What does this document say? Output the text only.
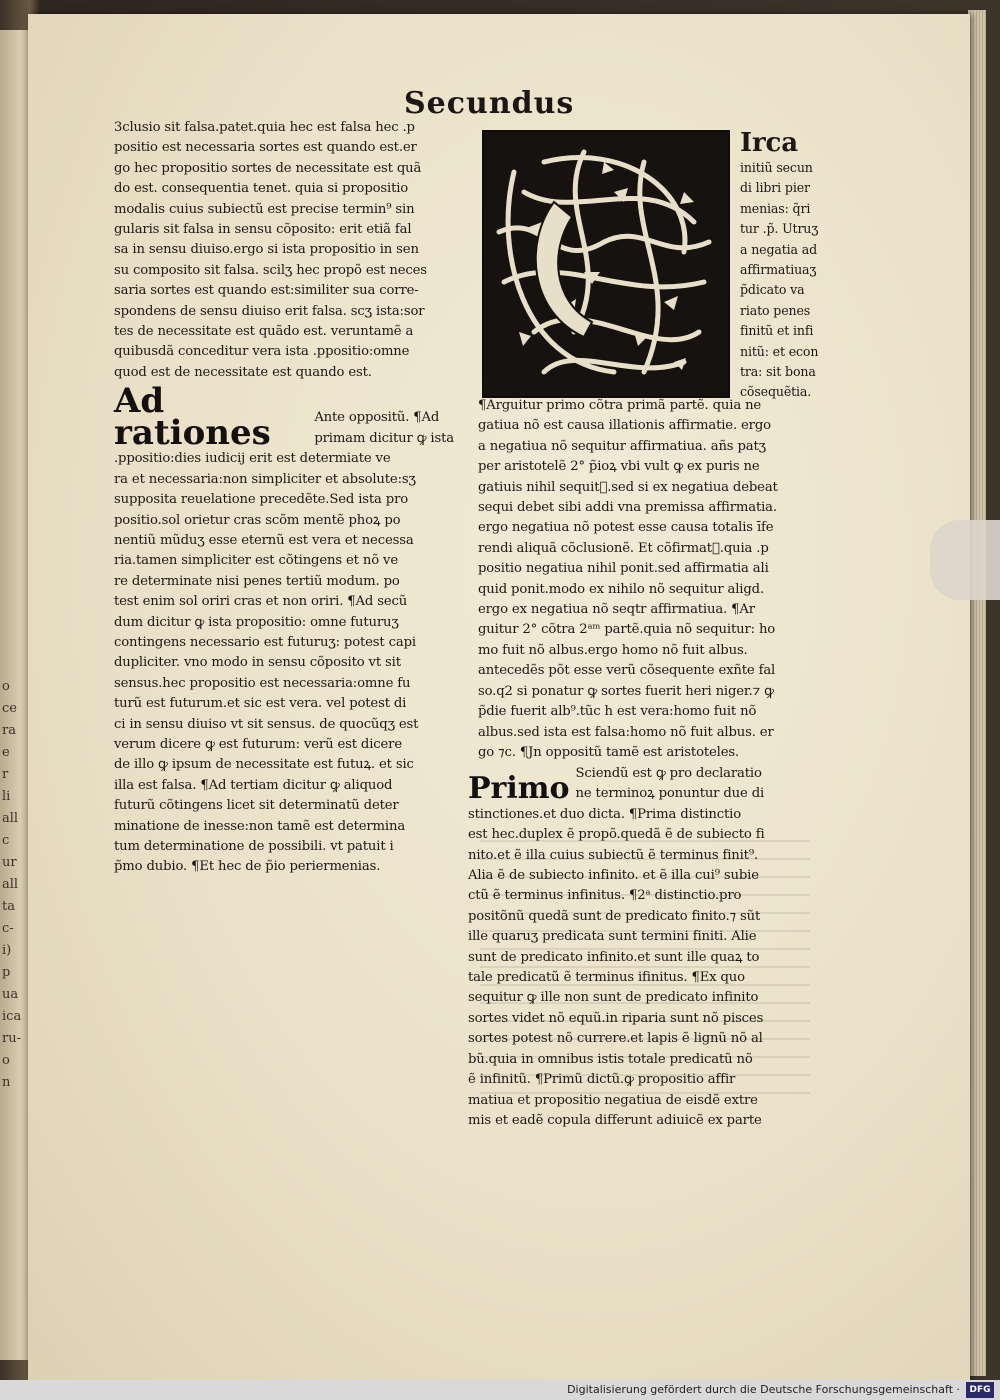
o
ce
ra
e
r
li
all
c
ur
all
ta
c-
i)
p
ua
ica
ru-
o
n
Secundus
3clusio sit falsa.patet.quia hec est falsa hec .p
positio est necessaria sortes est quando est.er
go hec propositio sortes de necessitate est quã
do est. consequentia tenet. quia si propositio
modalis cuius subiectũ est precise termin⁹ sin
gularis sit falsa in sensu cõposito: erit etiã fal
sa in sensu diuiso.ergo si ista propositio in sen
su composito sit falsa. scilʒ hec propõ est neces
saria sortes est quando est:similiter sua corre-
spondens de sensu diuiso erit falsa. scʒ ista:sor
tes de necessitate est quãdo est. veruntamẽ a
quibusdã conceditur vera ista .ppositio:omne
quod est de necessitate est quando est.
Ad rationes	Ante oppositũ. ¶Ad
primam dicitur ꝙ ista
.ppositio:dies iudicij erit est determiate ve
ra et necessaria:non simpliciter et absolute:sʒ
supposita reuelatione precedẽte.Sed ista pro
positio.sol orietur cras scõm mentẽ phoꝝ po
nentiũ mũduʒ esse eternũ est vera et necessa
ria.tamen simpliciter est cõtingens et nõ ve
re determinate nisi penes tertiũ modum. po
test enim sol oriri cras et non oriri. ¶Ad secũ
dum dicitur ꝙ ista propositio: omne futuruʒ
contingens necessario est futuruʒ: potest capi
dupliciter. vno modo in sensu cõposito vt sit
sensus.hec propositio est necessaria:omne fu
turũ est futurum.et sic est vera. vel potest di
ci in sensu diuiso vt sit sensus. de quocũqʒ est
verum dicere ꝙ est futurum: verũ est dicere
de illo ꝙ ipsum de necessitate est futuꝝ. et sic
illa est falsa. ¶Ad tertiam dicitur ꝙ aliquod
futurũ cõtingens licet sit determinatũ deter
minatione de inesse:non tamẽ est determina
tum determinatione de possibili. vt patuit i
p̃mo dubio. ¶Et hec de p̃io periermenias.
Irca
initiũ secun
di libri pier
menias: q̃ri
tur .p̃. Utruʒ
a negatia ad
affirmatiuaʒ
p̃dicato va
riato penes
finitũ et infi
nitũ: et econ
tra: sit bona
cõsequẽtia.
¶Arguitur primo cõtra primã partẽ. quia ne
gatiua nõ est causa illationis affirmatie. ergo
a negatiua nõ sequitur affirmatiua. añs patʒ
per aristotelẽ 2° p̃ioꝝ vbi vult ꝙ ex puris ne
gatiuis nihil sequit᷑.sed si ex negatiua debeat
sequi debet sibi addi vna premissa affirmatia.
ergo negatiua nõ potest esse causa totalis īfe
rendi aliquã cõclusionẽ. Et cõfirmat᷑.quia .p
positio negatiua nihil ponit.sed affirmatia ali
quid ponit.modo ex nihilo nõ sequitur aligd.
ergo ex negatiua nõ seqtr affirmatiua. ¶Ar
guitur 2° cõtra 2ᵃᵐ partẽ.quia nõ sequitur: ho
mo fuit nõ albus.ergo homo nõ fuit albus.
antecedẽs põt esse verũ cõsequente exñte fal
so.q2 si ponatur ꝙ sortes fuerit heri niger.⁊ ꝙ
p̃die fuerit alb⁹.tũc h est vera:homo fuit nõ
albus.sed ista est falsa:homo nõ fuit albus. er
go ⁊c. ¶Jn oppositũ tamẽ est aristoteles.
Primo Sciendũ est ꝙ pro declaratio
ne terminoꝝ ponuntur due di
stinctiones.et duo dicta. ¶Prima distinctio
est hec.duplex ẽ propõ.quedã ẽ de subiecto fi
nito.et ẽ illa cuius subiectũ ẽ terminus finit⁹.
Alia ẽ de subiecto infinito. et ẽ illa cui⁹ subie
ctũ ẽ terminus infinitus. ¶2ᵃ distinctio.pro
positõnũ quedã sunt de predicato finito.⁊ sũt
ille quaruʒ predicata sunt termini finiti. Alie
sunt de predicato infinito.et sunt ille quaꝝ to
tale predicatũ ẽ terminus ifinitus. ¶Ex quo
sequitur ꝙ ille non sunt de predicato infinito
sortes videt nõ equũ.in riparia sunt nõ pisces
sortes potest nõ currere.et lapis ẽ lignũ nõ al
bũ.quia in omnibus istis totale predicatũ nõ
ẽ infinitũ. ¶Primũ dictũ.ꝙ propositio affir
matiua et propositio negatiua de eisdẽ extre
mis et eadẽ copula differunt adiuicẽ ex parte
Digitalisierung gefördert durch die Deutsche Forschungsgemeinschaft ·	DFG
